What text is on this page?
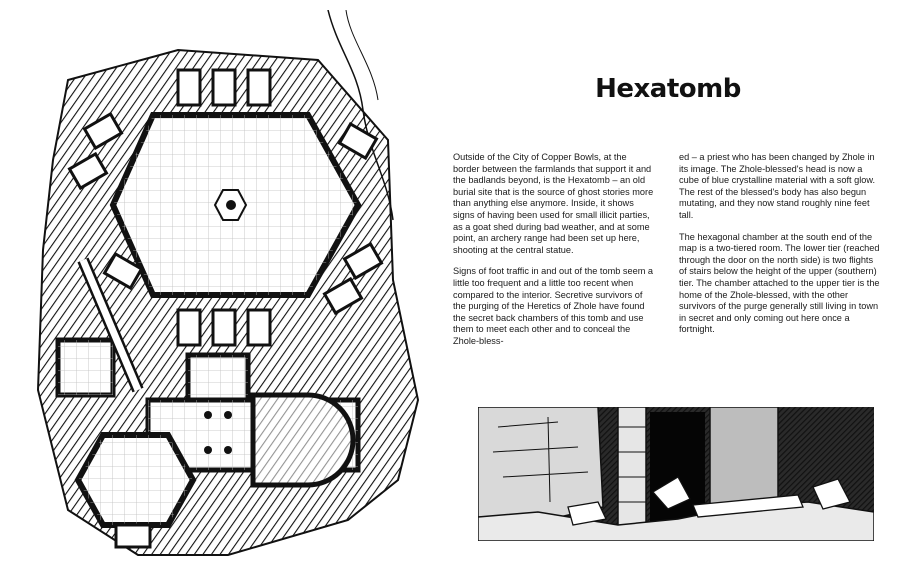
Hexatomb

Outside of the City of Copper Bowls, at the border between the farmlands that support it and the badlands beyond, is the Hexatomb – an old burial site that is the source of ghost stories more than anything else anymore. Inside, it shows signs of having been used for small illicit parties, as a goat shed during bad weather, and at some point, an archery range had been set up here, shooting at the central statue.

Signs of foot traffic in and out of the tomb seem a little too frequent and a little too recent when compared to the interior. Secretive survivors of the purging of the Heretics of Zhole have found the secret back chambers of this tomb and use them to meet each other and to conceal the Zhole-bless-

ed – a priest who has been changed by Zhole in its image. The Zhole-blessed's head is now a cube of blue crystalline material with a soft glow. The rest of the blessed's body has also begun mutating, and they now stand roughly nine feet tall.

The hexagonal chamber at the south end of the map is a two-tiered room. The lower tier (reached through the door on the north side) is two flights of stairs below the height of the upper (southern) tier. The chamber attached to the upper tier is the home of the Zhole-blessed, with the other survivors of the purge generally still living in town in secret and only coming out here once a fortnight.
